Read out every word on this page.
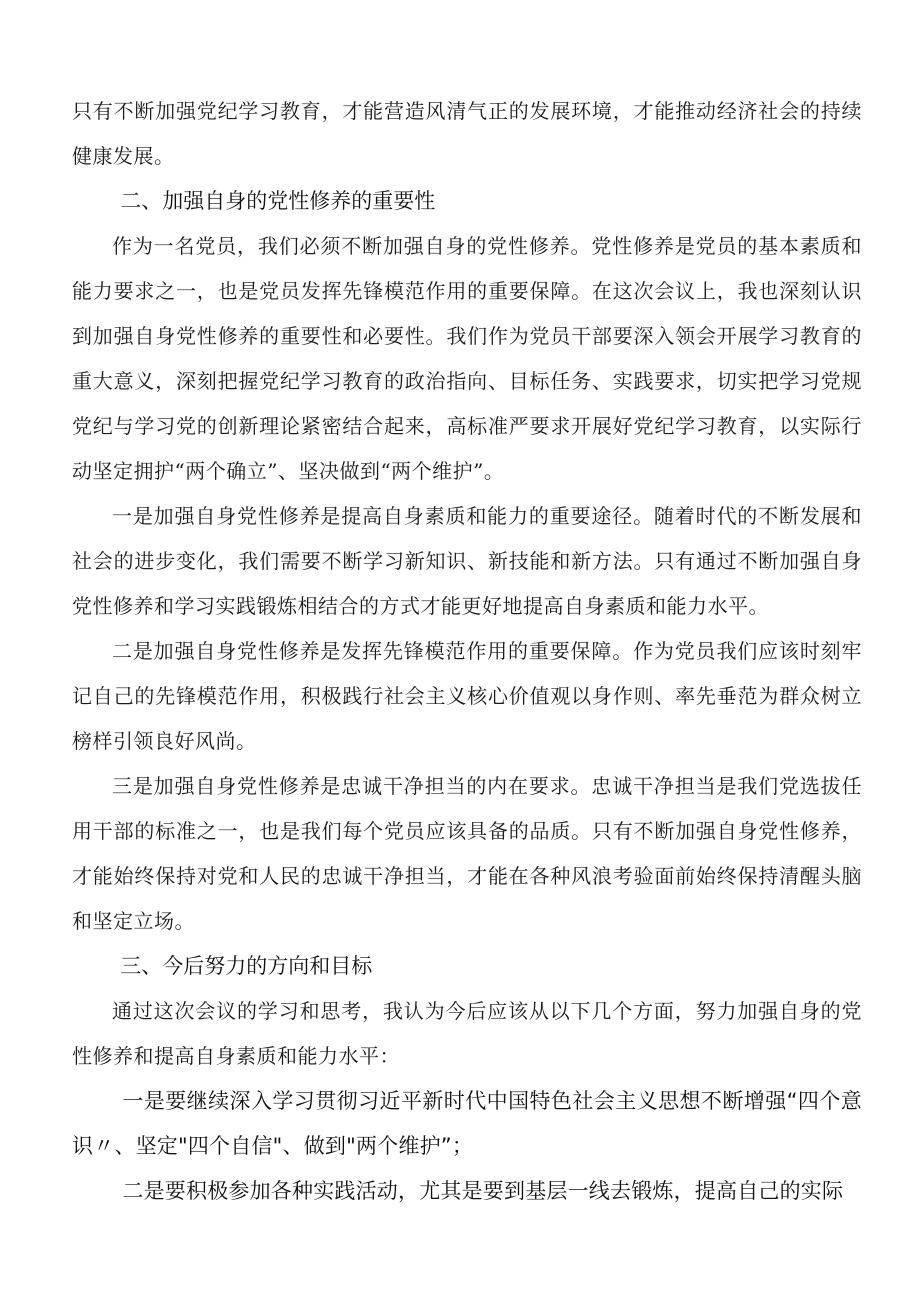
只有不断加强党纪学习教育，才能营造风清气正的发展环境，才能推动经济社会的持续健康发展。

二、加强自身的党性修养的重要性

作为一名党员，我们必须不断加强自身的党性修养。党性修养是党员的基本素质和能力要求之一，也是党员发挥先锋模范作用的重要保障。在这次会议上，我也深刻认识到加强自身党性修养的重要性和必要性。我们作为党员干部要深入领会开展学习教育的重大意义，深刻把握党纪学习教育的政治指向、目标任务、实践要求，切实把学习党规党纪与学习党的创新理论紧密结合起来，高标准严要求开展好党纪学习教育，以实际行动坚定拥护“两个确立”、坚决做到“两个维护”。

一是加强自身党性修养是提高自身素质和能力的重要途径。随着时代的不断发展和社会的进步变化，我们需要不断学习新知识、新技能和新方法。只有通过不断加强自身党性修养和学习实践锻炼相结合的方式才能更好地提高自身素质和能力水平。

二是加强自身党性修养是发挥先锋模范作用的重要保障。作为党员我们应该时刻牢记自己的先锋模范作用，积极践行社会主义核心价值观以身作则、率先垂范为群众树立榜样引领良好风尚。

三是加强自身党性修养是忠诚干净担当的内在要求。忠诚干净担当是我们党选拔任用干部的标准之一，也是我们每个党员应该具备的品质。只有不断加强自身党性修养，才能始终保持对党和人民的忠诚干净担当，才能在各种风浪考验面前始终保持清醒头脑和坚定立场。

三、今后努力的方向和目标

通过这次会议的学习和思考，我认为今后应该从以下几个方面，努力加强自身的党性修养和提高自身素质和能力水平：

一是要继续深入学习贯彻习近平新时代中国特色社会主义思想不断增强“四个意识〃、坚定"四个自信"、做到"两个维护”；

二是要积极参加各种实践活动，尤其是要到基层一线去锻炼，提高自己的实际
